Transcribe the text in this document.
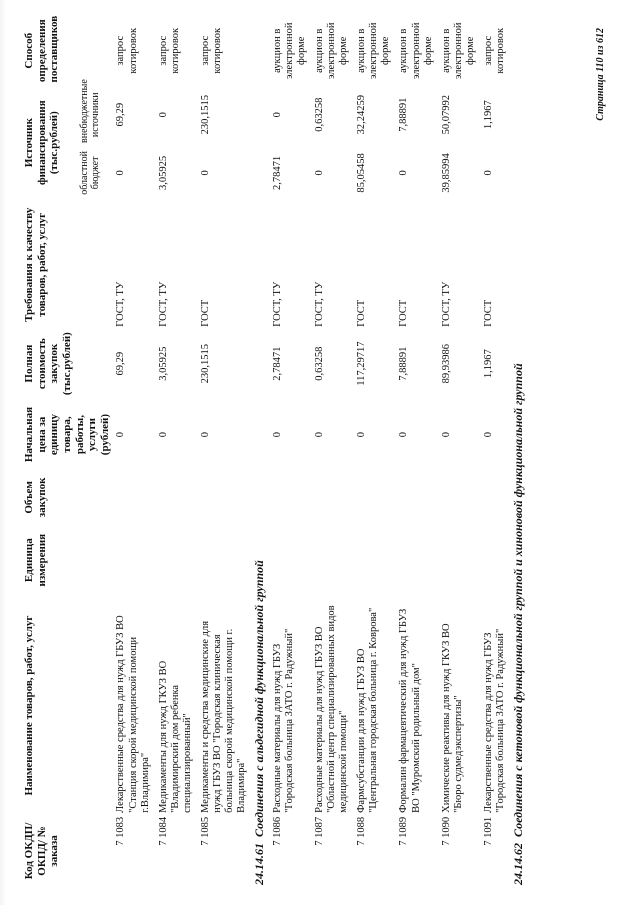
Код ОКДП/ ОКПД/ № заказа	Наименование товаров, работ, услуг	Единица измерения	Объем закупок	Начальная цена за единицу товара, работы, услуги (рублей)	Полная стоимость закупок (тыс.рублей)	Требования к качеству товаров, работ, услуг	Источник финансирования (тыс.рублей)		Способ определения поставщиков
							областной бюджет	внебюджетные источники	
7 1083	Лекарственные средства для нужд ГБУЗ ВО "Станция скорой медицинской помощи г.Владимира"			0	69,29	ГОСТ, ТУ	0	69,29	запрос котировок
7 1084	Медикаменты для нужд ГКУЗ ВО "Владимирский дом ребенка специализированный"			0	3,05925	ГОСТ, ТУ	3,05925	0	запрос котировок
7 1085	Медикаменты и средства медицинские для нужд ГБУЗ ВО "Городская клиническая больница скорой медицинской помощи г. Владимира"			0	230,1515	ГОСТ	0	230,1515	запрос котировок
24.14.61Соединения с альдегидной функциональной группой									
7 1086	Расходные материалы для нужд ГБУЗ "Городская больница ЗАТО г. Радужный"			0	2,78471	ГОСТ, ТУ	2,78471	0	аукцион в электронной форме
7 1087	Расходные материалы для нужд ГБУЗ ВО "Областной центр специализированных видов медицинской помощи"			0	0,63258	ГОСТ, ТУ	0	0,63258	аукцион в электронной форме
7 1088	Фармсубстанции для нужд ГБУЗ ВО "Центральная городская больница г. Коврова"			0	117,29717	ГОСТ	85,05458	32,24259	аукцион в электронной форме
7 1089	Формалин фармацевтический для нужд ГБУЗ ВО "Муромский родильный дом"			0	7,88891	ГОСТ	0	7,88891	аукцион в электронной форме
7 1090	Химические реактивы для нужд ГКУЗ ВО "Бюро судмедэкспертизы"			0	89,93986	ГОСТ, ТУ	39,85994	50,07992	аукцион в электронной форме
7 1091	Лекарственные средства для нужд ГБУЗ "Городская больница ЗАТО г. Радужный"			0	1,1967	ГОСТ	0	1,1967	запрос котировок
24.14.62Соединения с кетоновой функциональной группой и хиноновой функциональной группой									
Страница 110 из 612
